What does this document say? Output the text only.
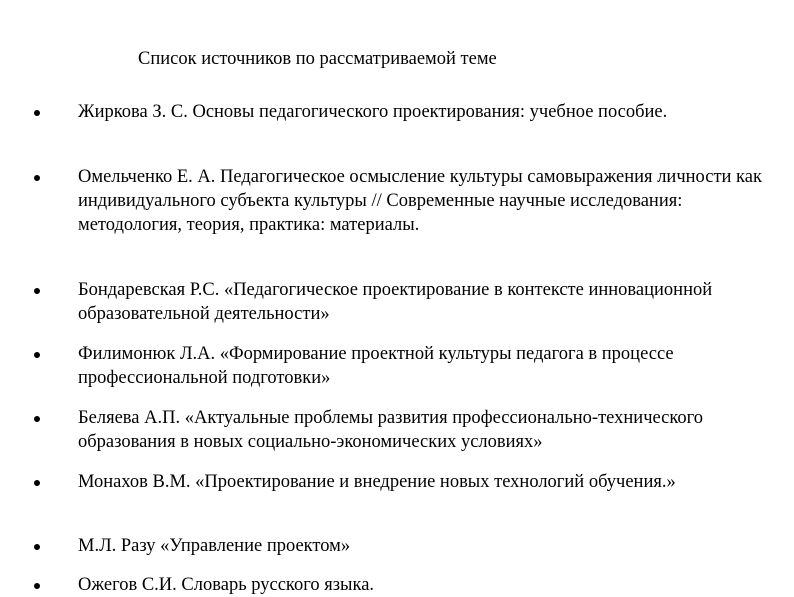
Список источников по рассматриваемой теме
Жиркова З. С. Основы педагогического проектирования: учебное пособие.
Омельченко Е. А. Педагогическое осмысление культуры самовыражения личности как индивидуального субъекта культуры // Современные научные исследования: методология, теория, практика: материалы.
Бондаревская Р.С. «Педагогическое проектирование в контексте инновационной образовательной деятельности»
Филимонюк Л.А. «Формирование проектной культуры педагога в процессе профессиональной подготовки»
Беляева А.П. «Актуальные проблемы развития профессионально-технического образования в новых социально-экономических условиях»
Монахов В.М. «Проектирование и внедрение новых технологий обучения.»
М.Л. Разу «Управление проектом»
Ожегов С.И. Словарь русского языка.
